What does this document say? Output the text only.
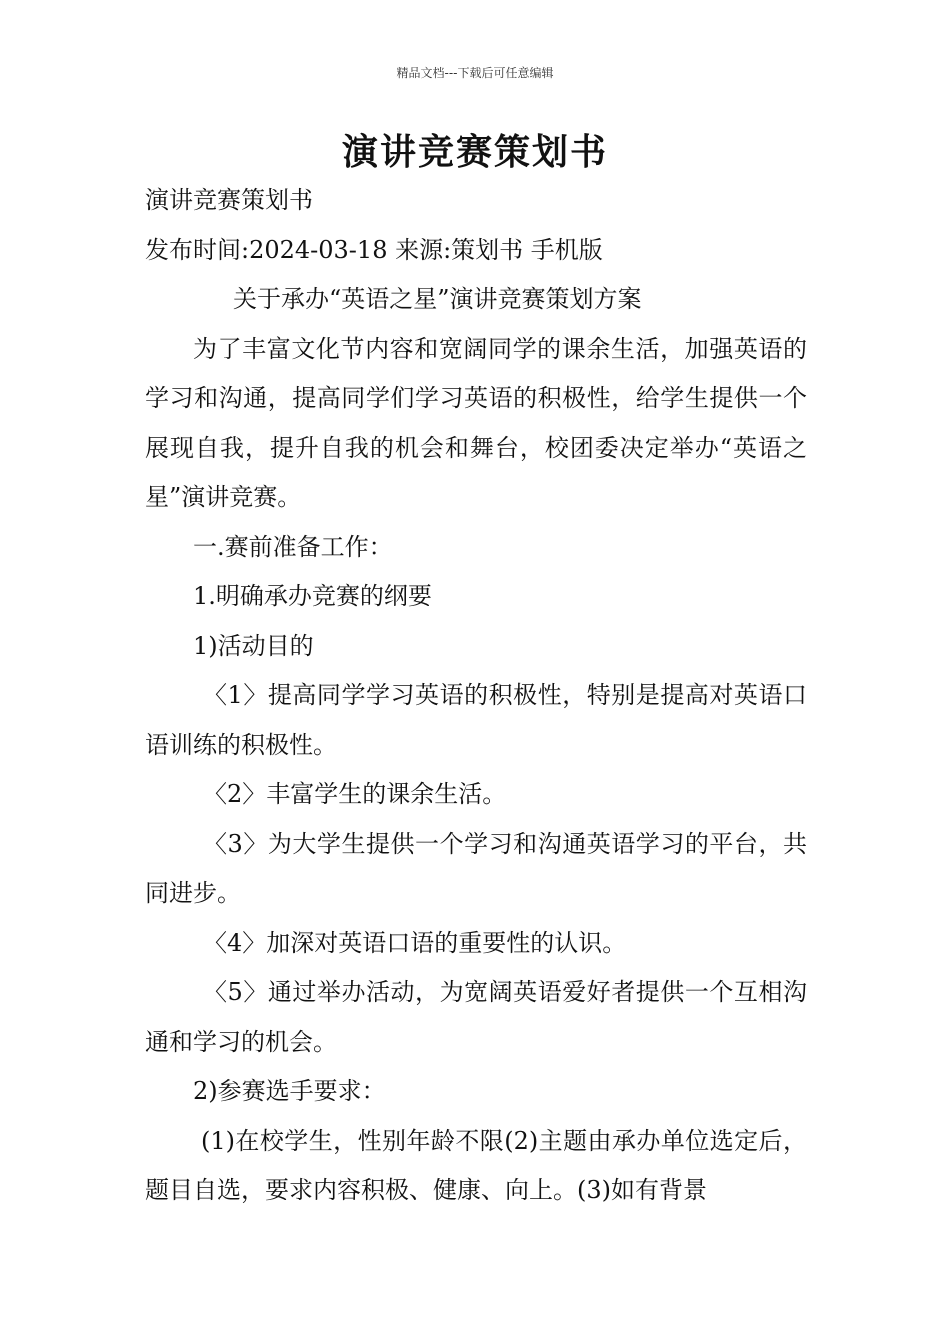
精品文档---下载后可任意编辑
演讲竞赛策划书

演讲竞赛策划书

发布时间:2024-03-18 来源:策划书 手机版

关于承办“英语之星”演讲竞赛策划方案

为了丰富文化节内容和宽阔同学的课余生活，加强英语的学习和沟通，提高同学们学习英语的积极性，给学生提供一个展现自我，提升自我的机会和舞台，校团委决定举办“英语之星”演讲竞赛。

一.赛前准备工作：

1.明确承办竞赛的纲要

1)活动目的

〈1〉提高同学学习英语的积极性，特别是提高对英语口语训练的积极性。

〈2〉丰富学生的课余生活。

〈3〉为大学生提供一个学习和沟通英语学习的平台，共同进步。

〈4〉加深对英语口语的重要性的认识。

〈5〉通过举办活动，为宽阔英语爱好者提供一个互相沟通和学习的机会。

2)参赛选手要求：

(1)在校学生，性别年龄不限(2)主题由承办单位选定后，题目自选，要求内容积极、健康、向上。(3)如有背景
